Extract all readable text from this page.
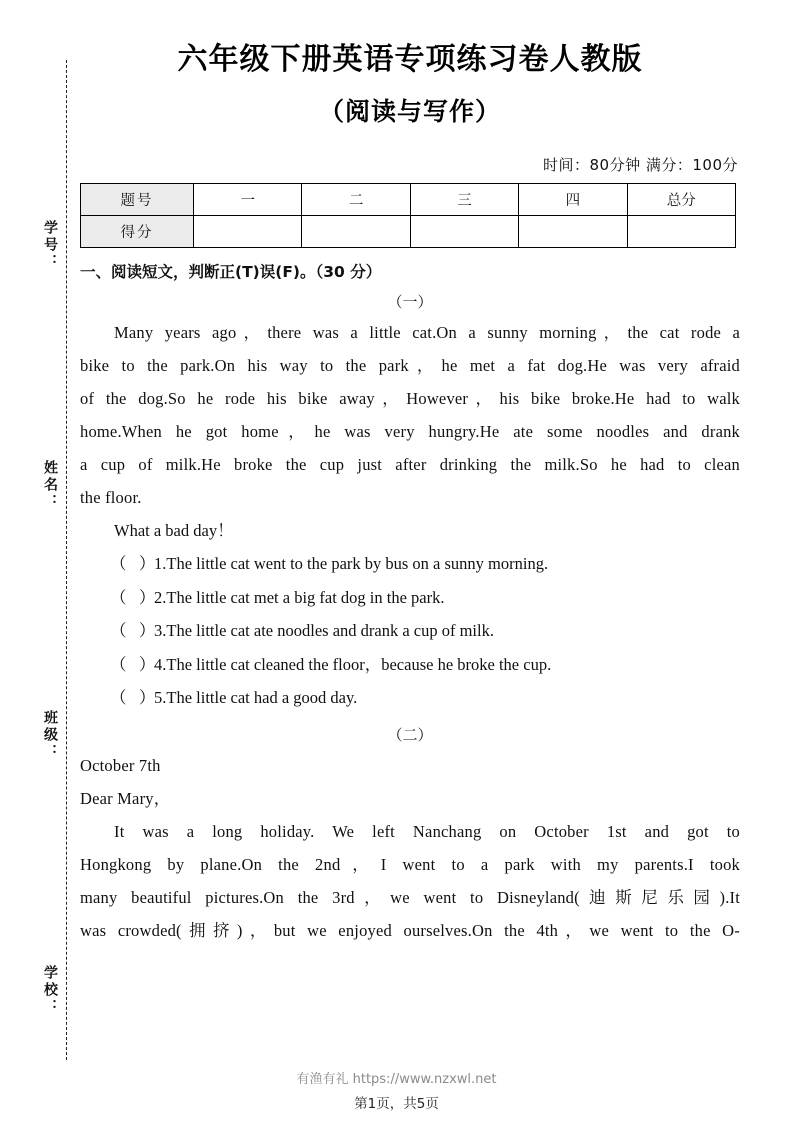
学号：
姓名：
班级：
学校：
六年级下册英语专项练习卷人教版
（阅读与写作）
时间：80分钟 满分：100分
题号	一	二	三	四	总分
得分					
一、阅读短文，判断正(T)误(F)。（30 分）
（一）

Many years ago，there was a little cat.On a sunny morning，the cat rode a

bike to the park.On his way to the park，he met a fat dog.He was very afraid

of the dog.So he rode his bike away，However，his bike broke.He had to walk

home.When he got home，he was very hungry.He ate some noodles and drank

a cup of milk.He broke the cup just after drinking the milk.So he had to clean

the floor.

What a bad day！

（   ）1.The little cat went to the park by bus on a sunny morning.
（   ）2.The little cat met a big fat dog in the park.
（   ）3.The little cat ate noodles and drank a cup of milk.
（   ）4.The little cat cleaned the floor，because he broke the cup.
（   ）5.The little cat had a good day.
（二）

October 7th

Dear Mary，

It was a long holiday. We left Nanchang on October 1st and got to

Hongkong by plane.On the 2nd，I went to a park with my parents.I took

many beautiful pictures.On the 3rd，we went to Disneyland(迪斯尼乐园).It

was crowded(拥挤)，but we enjoyed ourselves.On the 4th，we went to the O-

有渔有礼 https://www.nzxwl.net
第1页，共5页
